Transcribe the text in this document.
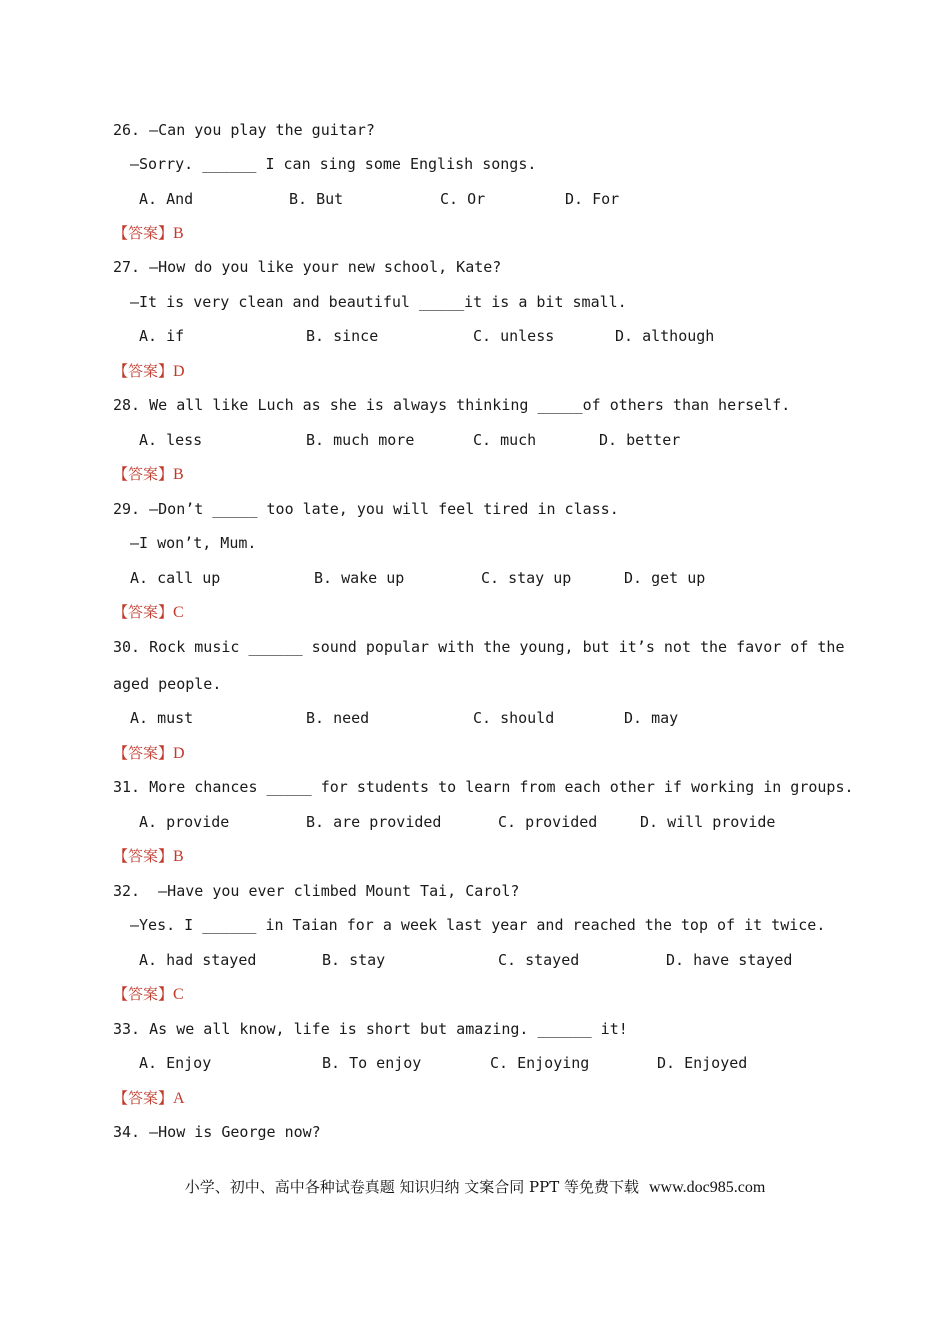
26. —Can you play the guitar?
—Sorry. ______ I can sing some English songs.
A. And	B. But	C. Or	D. For
【答案】B
27. —How do you like your new school, Kate?
—It is very clean and beautiful _____it is a bit small.
A. if	B. since	C. unless	D. although
【答案】D
28. We all like Luch as she is always thinking _____of others than herself.
A. less	B. much more	C. much	D. better
【答案】B
29. —Don’t _____ too late, you will feel tired in class.
—I won’t, Mum.
A. call up	B. wake up	C. stay up	D. get up
【答案】C
30. Rock music ______ sound popular with the young, but it’s not the favor of the
aged people.
A. must	B. need	C. should	D. may
【答案】D
31. More chances _____ for students to learn from each other if working in groups.
A. provide	B. are provided	C. provided	D. will provide
【答案】B
32.  —Have you ever climbed Mount Tai, Carol?
—Yes. I ______ in Taian for a week last year and reached the top of it twice.
A. had stayed	B. stay	C. stayed	D. have stayed
【答案】C
33. As we all know, life is short but amazing. ______ it!
A. Enjoy	B. To enjoy	C. Enjoying	D. Enjoyed
【答案】A
34. —How is George now?
小学、初中、高中各种试卷真题 知识归纳 文案合同 PPT 等免费下载 www.doc985.com
